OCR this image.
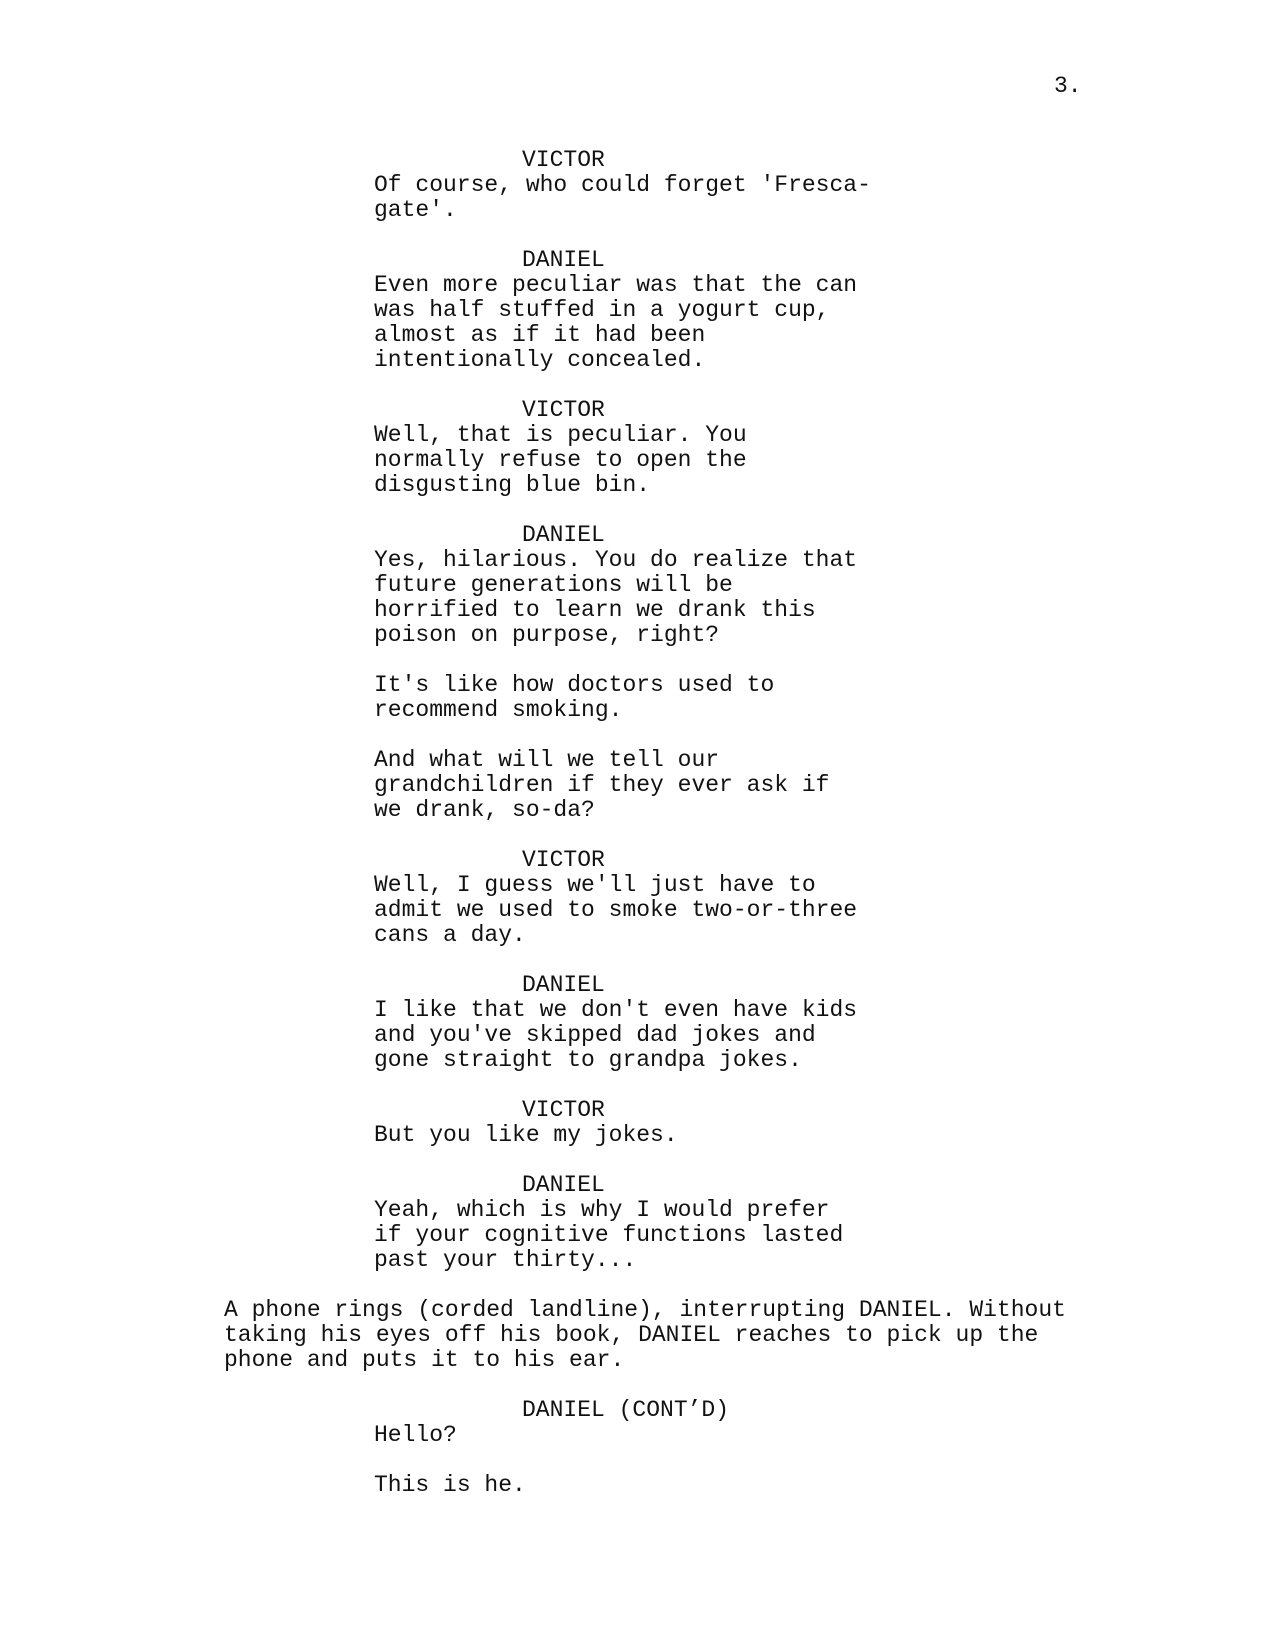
3.
VICTOR
Of course, who could forget 'Fresca-
gate'.
DANIEL
Even more peculiar was that the can
was half stuffed in a yogurt cup,
almost as if it had been
intentionally concealed.
VICTOR
Well, that is peculiar. You
normally refuse to open the
disgusting blue bin.
DANIEL
Yes, hilarious. You do realize that
future generations will be
horrified to learn we drank this
poison on purpose, right?
It's like how doctors used to
recommend smoking.
And what will we tell our
grandchildren if they ever ask if
we drank, so-da?
VICTOR
Well, I guess we'll just have to
admit we used to smoke two-or-three
cans a day.
DANIEL
I like that we don't even have kids
and you've skipped dad jokes and
gone straight to grandpa jokes.
VICTOR
But you like my jokes.
DANIEL
Yeah, which is why I would prefer
if your cognitive functions lasted
past your thirty...
A phone rings (corded landline), interrupting DANIEL. Without
taking his eyes off his book, DANIEL reaches to pick up the
phone and puts it to his ear.
DANIEL (CONT’D)
Hello?
This is he.
